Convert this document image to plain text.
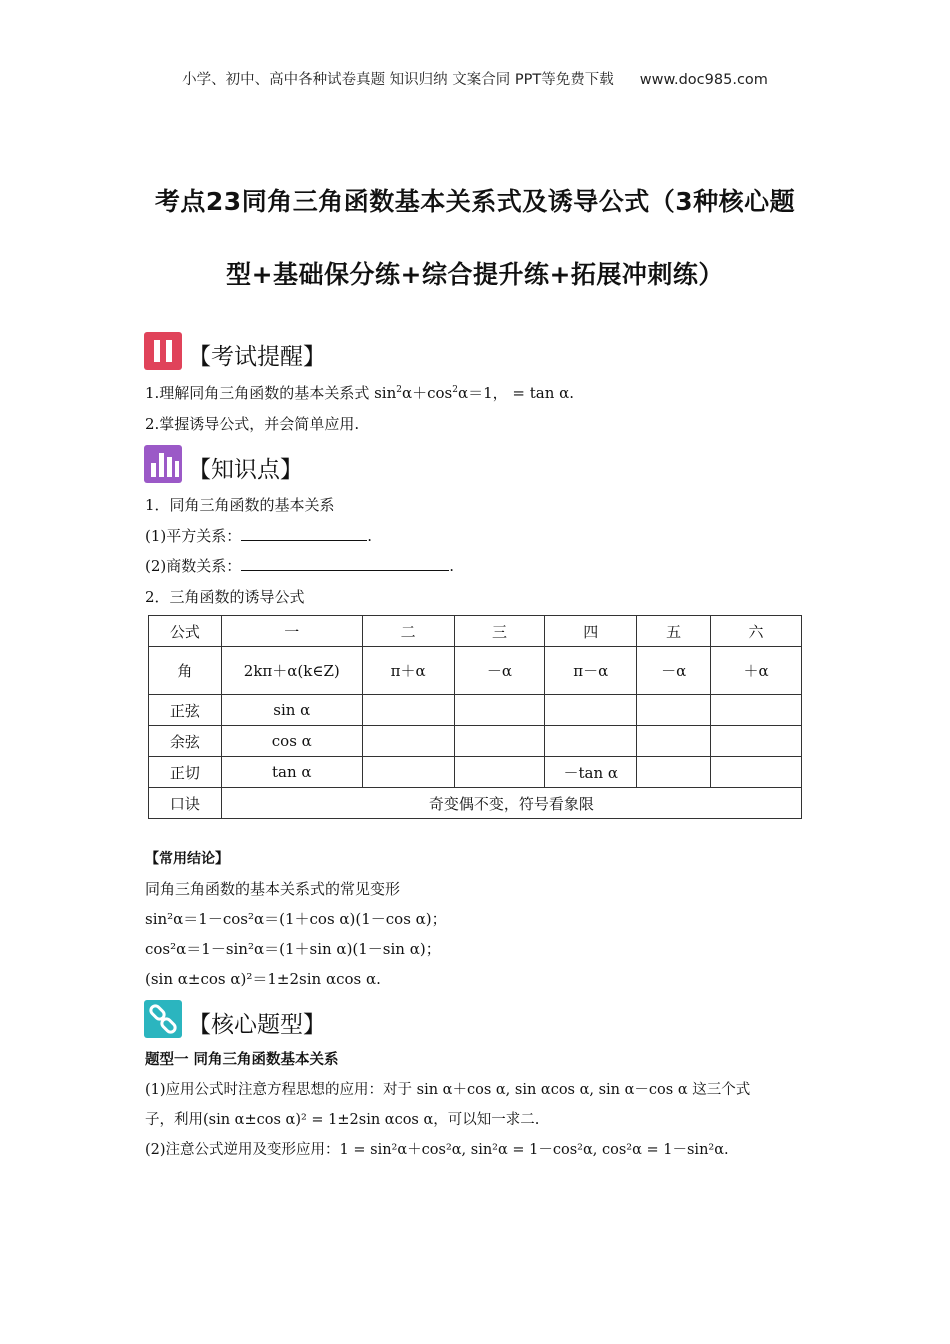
小学、初中、高中各种试卷真题 知识归纳 文案合同 PPT等免费下载 www.doc985.com
考点23同角三角函数基本关系式及诱导公式（3种核心题
型+基础保分练+综合提升练+拓展冲刺练）
【考试提醒】
1.理解同角三角函数的基本关系式 $\sin^2\alpha+\cos^2\alpha=1$， = tan α.
2.掌握诱导公式，并会简单应用.
【知识点】
1．同角三角函数的基本关系
(1)平方关系：	.
(2)商数关系：	.
2．三角函数的诱导公式
公式	一	二	三	四	五	六
角	2kπ＋α(k∈Z)	π＋α	－α	π－α	－α	＋α
正弦	sin α					
余弦	cos α					
正切	tan α			－tan α		
口诀	奇变偶不变，符号看象限					
【常用结论】
同角三角函数的基本关系式的常见变形
sin²α＝1－cos²α＝(1＋cos α)(1－cos α)；
cos²α＝1－sin²α＝(1＋sin α)(1－sin α)；
(sin α±cos α)²＝1±2sin αcos α.
【核心题型】
题型一 同角三角函数基本关系
(1)应用公式时注意方程思想的应用：对于 sin α＋cos α, sin αcos α, sin α－cos α 这三个式
子，利用(sin α±cos α)² = 1±2sin αcos α，可以知一求二.
(2)注意公式逆用及变形应用：1 = sin²α＋cos²α, sin²α = 1－cos²α, cos²α = 1－sin²α.
